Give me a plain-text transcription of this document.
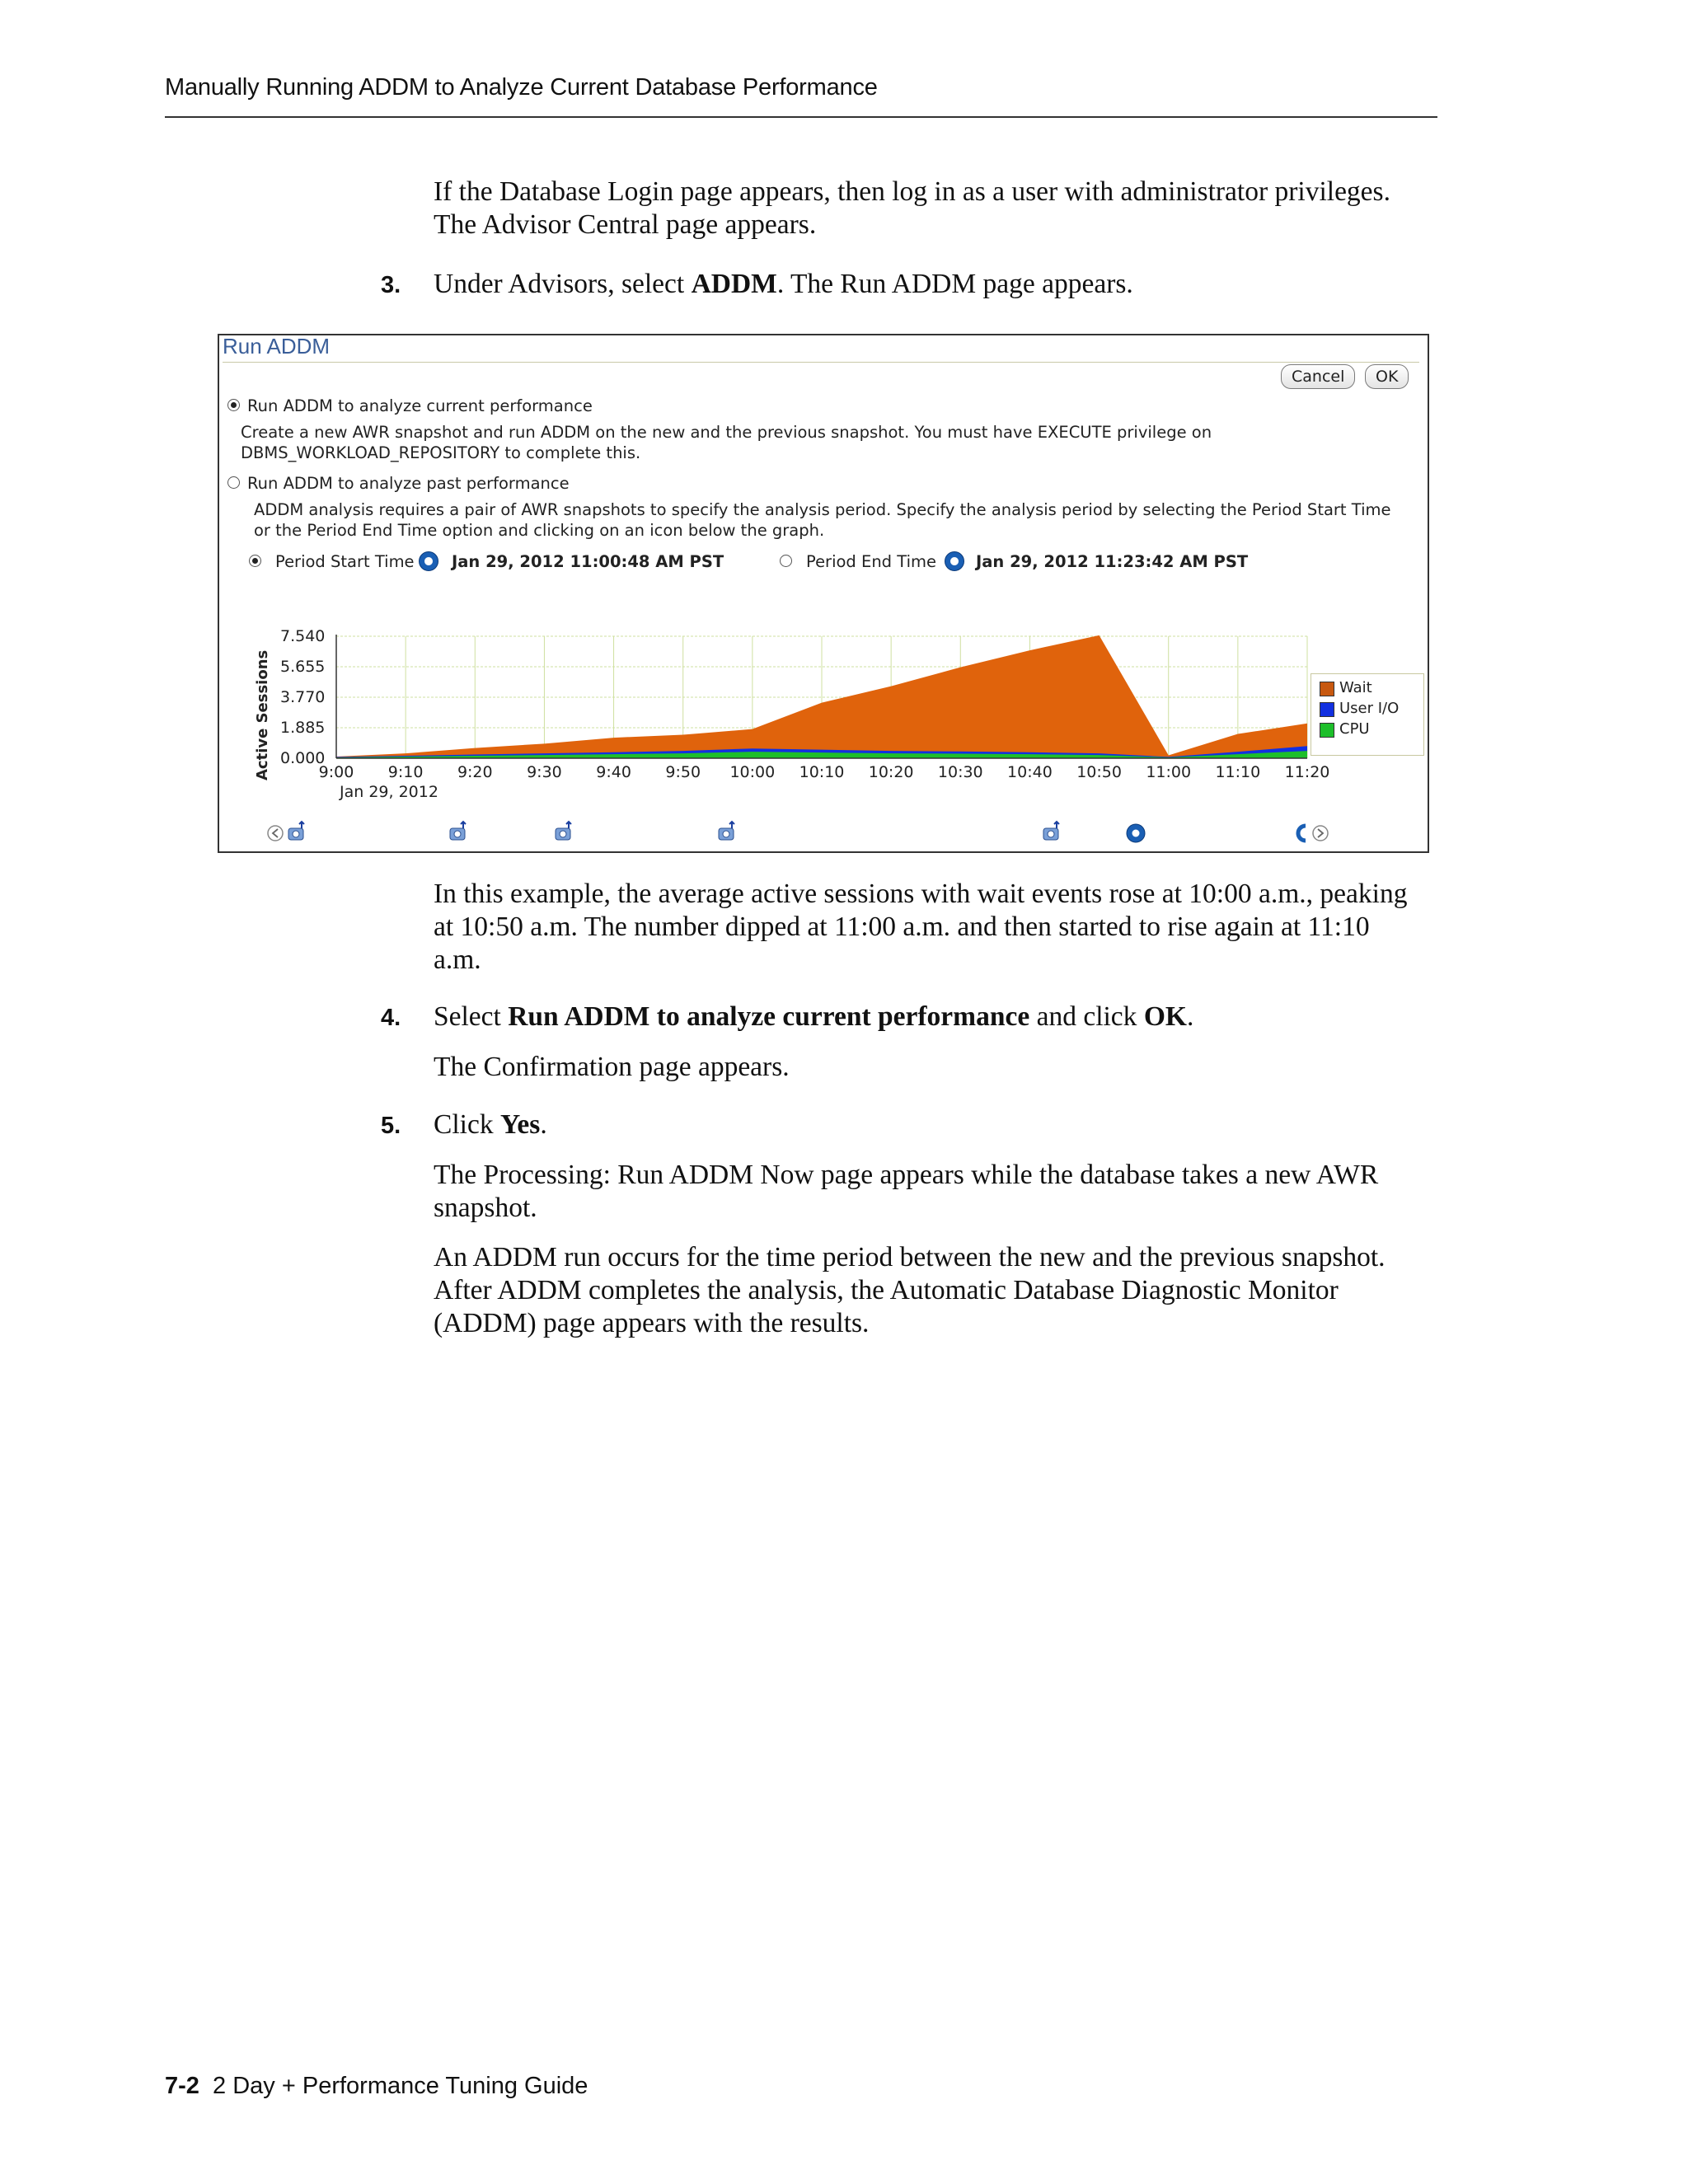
Manually Running ADDM to Analyze Current Database Performance

If the Database Login page appears, then log in as a user with administrator privileges. The Advisor Central page appears.

3. Under Advisors, select ADDM. The Run ADDM page appears.

Run ADDM
Cancel	OK
Run ADDM to analyze current performance
Create a new AWR snapshot and run ADDM on the new and the previous snapshot. You must have EXECUTE privilege on
DBMS_WORKLOAD_REPOSITORY to complete this.
Run ADDM to analyze past performance
ADDM analysis requires a pair of AWR snapshots to specify the analysis period. Specify the analysis period by selecting the Period Start Time
or the Period End Time option and clicking on an icon below the graph.
Period Start Time Jan 29, 2012 11:00:48 AM PST	Period End Time Jan 29, 2012 11:23:42 AM PST
7.540
5.655
3.770
1.885
0.000
9:00 9:10 9:20 9:30 9:40 9:50 10:00 10:10 10:20 10:30 10:40 10:50 11:00 11:10 11:20
Active Sessions
Jan 29, 2012
Wait
User I/O
CPU

In this example, the average active sessions with wait events rose at 10:00 a.m., peaking at 10:50 a.m. The number dipped at 11:00 a.m. and then started to rise again at 11:10 a.m.

4. Select Run ADDM to analyze current performance and click OK.

The Confirmation page appears.

5. Click Yes.

The Processing: Run ADDM Now page appears while the database takes a new AWR snapshot.

An ADDM run occurs for the time period between the new and the previous snapshot. After ADDM completes the analysis, the Automatic Database Diagnostic Monitor (ADDM) page appears with the results.

7-2 2 Day + Performance Tuning Guide
